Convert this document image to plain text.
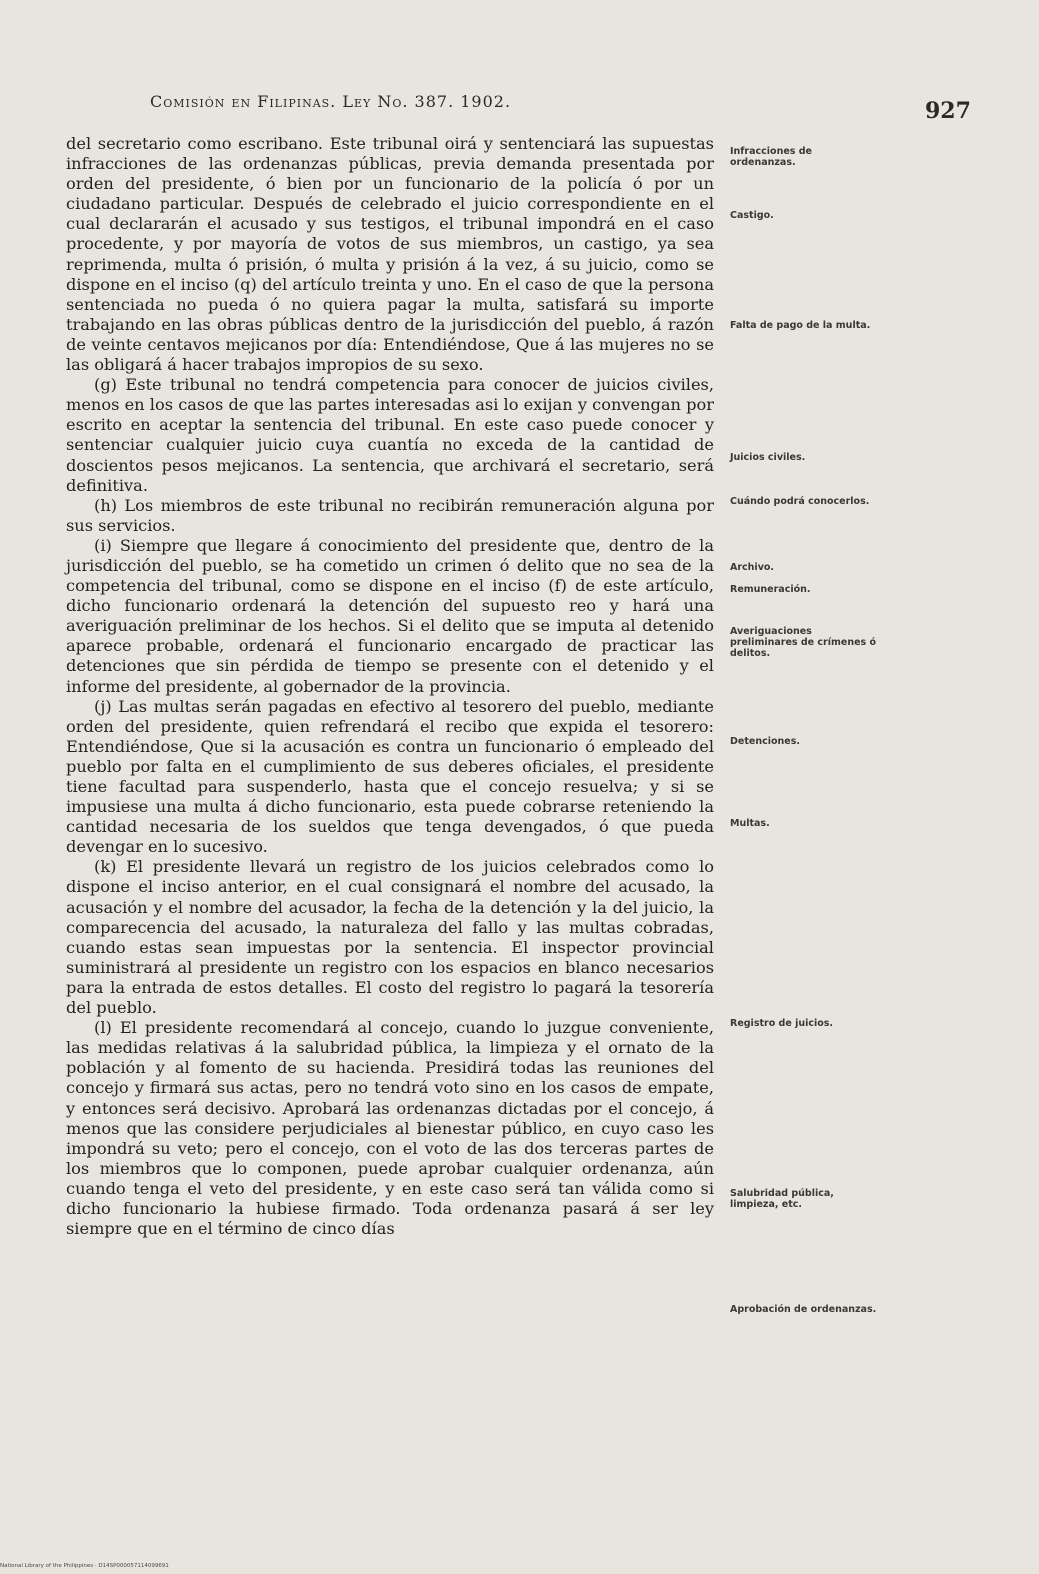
Comisión en Filipinas. Ley No. 387. 1902.	927

del secretario como escribano. Este tribunal oirá y sentenciará las supuestas infracciones de las ordenanzas públicas, previa demanda presentada por orden del presidente, ó bien por un funcionario de la policía ó por un ciudadano particular. Después de celebrado el juicio correspondiente en el cual declararán el acusado y sus testigos, el tribunal impondrá en el caso procedente, y por mayoría de votos de sus miembros, un castigo, ya sea reprimenda, multa ó prisión, ó multa y prisión á la vez, á su juicio, como se dispone en el inciso (q) del artículo treinta y uno. En el caso de que la persona sentenciada no pueda ó no quiera pagar la multa, satisfará su importe trabajando en las obras públicas dentro de la jurisdicción del pueblo, á razón de veinte centavos mejicanos por día: Entendiéndose, Que á las mujeres no se las obligará á hacer trabajos impropios de su sexo.

(g) Este tribunal no tendrá competencia para conocer de juicios civiles, menos en los casos de que las partes interesadas asi lo exijan y convengan por escrito en aceptar la sentencia del tribunal. En este caso puede conocer y sentenciar cualquier juicio cuya cuantía no exceda de la cantidad de doscientos pesos mejicanos. La sentencia, que archivará el secretario, será definitiva.

(h) Los miembros de este tribunal no recibirán remuneración alguna por sus servicios.

(i) Siempre que llegare á conocimiento del presidente que, dentro de la jurisdicción del pueblo, se ha cometido un crimen ó delito que no sea de la competencia del tribunal, como se dispone en el inciso (f) de este artículo, dicho funcionario ordenará la detención del supuesto reo y hará una averiguación preliminar de los hechos. Si el delito que se imputa al detenido aparece probable, ordenará el funcionario encargado de practicar las detenciones que sin pérdida de tiempo se presente con el detenido y el informe del presidente, al gobernador de la provincia.

(j) Las multas serán pagadas en efectivo al tesorero del pueblo, mediante orden del presidente, quien refrendará el recibo que expida el tesorero: Entendiéndose, Que si la acusación es contra un funcionario ó empleado del pueblo por falta en el cumplimiento de sus deberes oficiales, el presidente tiene facultad para suspenderlo, hasta que el concejo resuelva; y si se impusiese una multa á dicho funcionario, esta puede cobrarse reteniendo la cantidad necesaria de los sueldos que tenga devengados, ó que pueda devengar en lo sucesivo.

(k) El presidente llevará un registro de los juicios celebrados como lo dispone el inciso anterior, en el cual consignará el nombre del acusado, la acusación y el nombre del acusador, la fecha de la detención y la del juicio, la comparecencia del acusado, la naturaleza del fallo y las multas cobradas, cuando estas sean impuestas por la sentencia. El inspector provincial suministrará al presidente un registro con los espacios en blanco necesarios para la entrada de estos detalles. El costo del registro lo pagará la tesorería del pueblo.

(l) El presidente recomendará al concejo, cuando lo juzgue conveniente, las medidas relativas á la salubridad pública, la limpieza y el ornato de la población y al fomento de su hacienda. Presidirá todas las reuniones del concejo y firmará sus actas, pero no tendrá voto sino en los casos de empate, y entonces será decisivo. Aprobará las ordenanzas dictadas por el concejo, á menos que las considere perjudiciales al bienestar público, en cuyo caso les impondrá su veto; pero el concejo, con el voto de las dos terceras partes de los miembros que lo componen, puede aprobar cualquier ordenanza, aún cuando tenga el veto del presidente, y en este caso será tan válida como si dicho funcionario la hubiese firmado. Toda ordenanza pasará á ser ley siempre que en el término de cinco días

Infracciones de ordenanzas.
Castigo.
Falta de pago de la multa.
Juicios civiles.
Cuándo podrá conocerlos.
Archivo.
Remuneración.
Averiguaciones preliminares de crímenes ó delitos.
Detenciones.
Multas.
Registro de juicios.
Salubridad pública, limpieza, etc.
Aprobación de ordenanzas.
National Library of the Philippines · D14SP000057114099691
